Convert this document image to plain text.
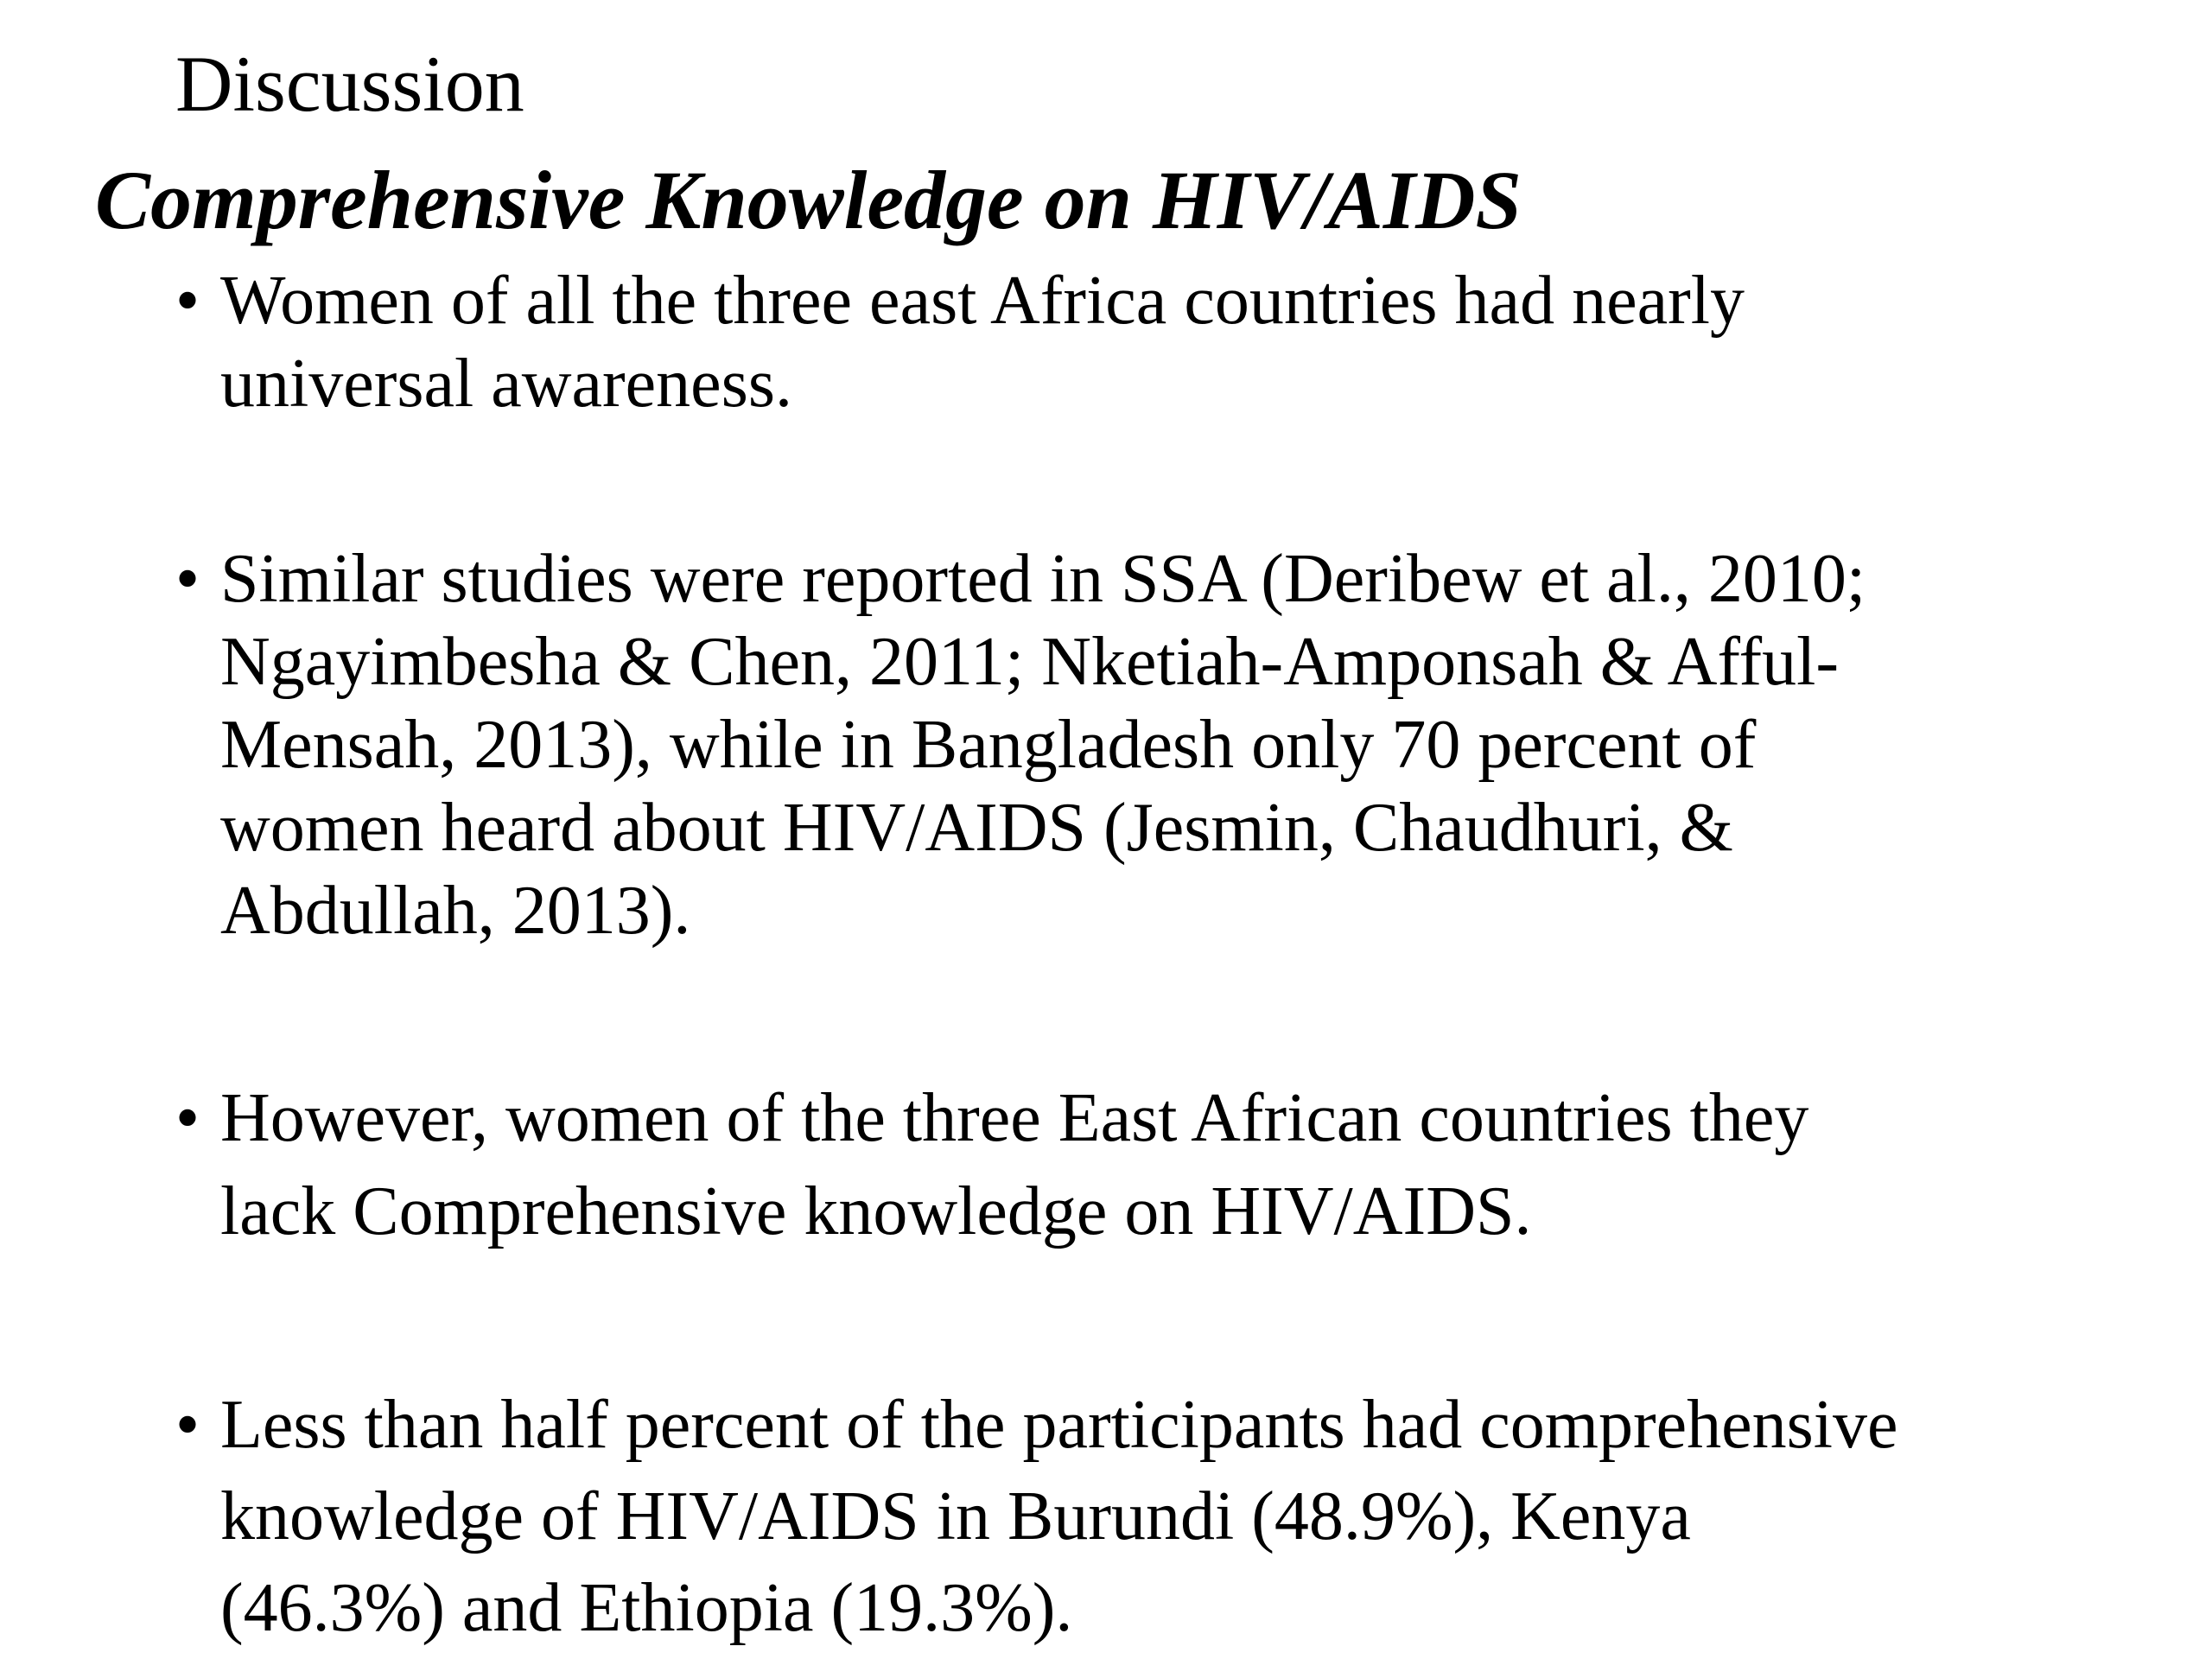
Discussion
Comprehensive Knowledge on HIV/AIDS
• Women of all the three east Africa countries had nearly
universal awareness.
• Similar studies were reported in SSA (Deribew et al., 2010;
Ngayimbesha & Chen, 2011; Nketiah-Amponsah & Afful-
Mensah, 2013), while in Bangladesh only 70 percent of
women heard about HIV/AIDS (Jesmin, Chaudhuri, &
Abdullah, 2013).
• However, women of the three East African countries they
lack Comprehensive knowledge on HIV/AIDS.
• Less than half percent of the participants had comprehensive
knowledge of HIV/AIDS in Burundi (48.9%), Kenya
(46.3%) and Ethiopia (19.3%).
